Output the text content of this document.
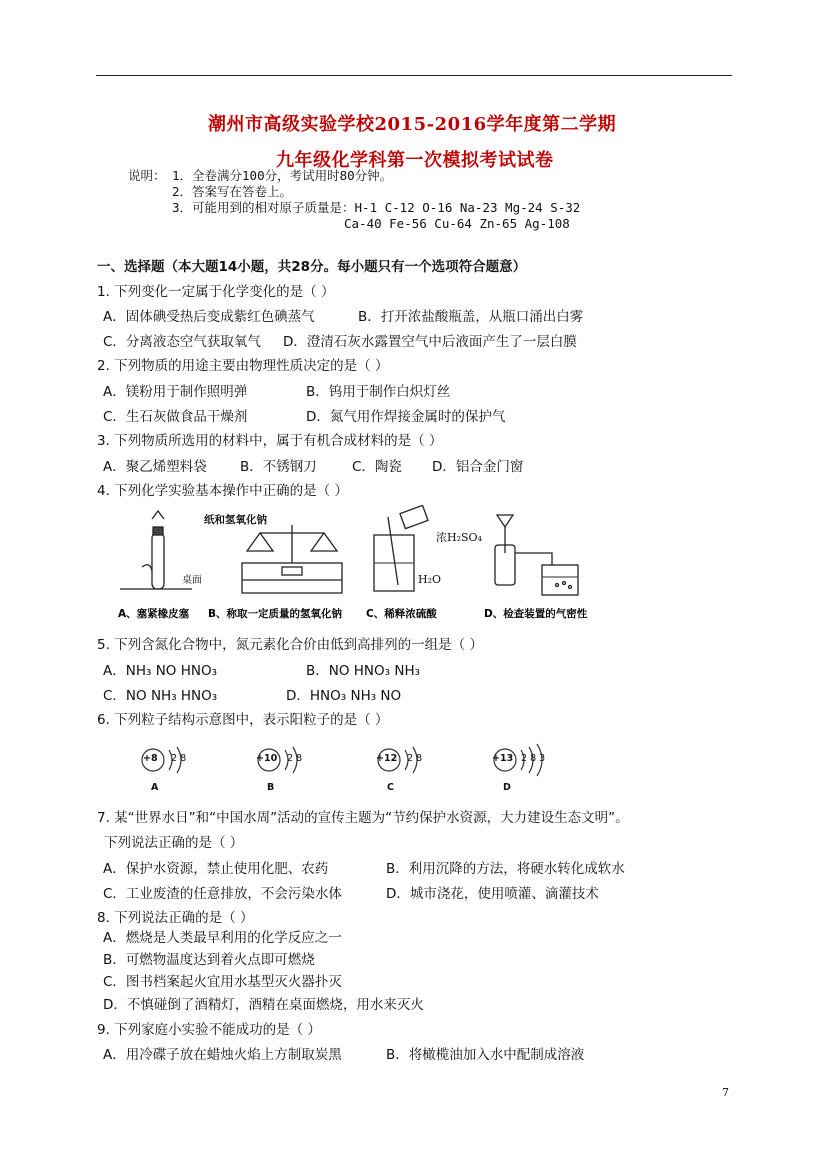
潮州市高级实验学校2015-2016学年度第二学期
九年级化学科第一次模拟考试试卷
说明： 1．全卷满分100分，考试用时80分钟。
2．答案写在答卷上。
3．可能用到的相对原子质量是：H-1 C-12 O-16 Na-23 Mg-24 S-32
Ca-40 Fe-56 Cu-64 Zn-65 Ag-108
一、选择题（本大题14小题，共28分。每小题只有一个选项符合题意）
1. 下列变化一定属于化学变化的是（ ）
A．固体碘受热后变成紫红色碘蒸气	B．打开浓盐酸瓶盖，从瓶口涌出白雾
C．分离液态空气获取氧气 D．澄清石灰水露置空气中后液面产生了一层白膜
2. 下列物质的用途主要由物理性质决定的是（ ）
A．镁粉用于制作照明弹	B．钨用于制作白炽灯丝
C．生石灰做食品干燥剂	D．氮气用作焊接金属时的保护气
3. 下列物质所选用的材料中，属于有机合成材料的是（ ）
A．聚乙烯塑料袋 B．不锈钢刀	C．陶瓷 D．铝合金门窗
4. 下列化学实验基本操作中正确的是（ ）
纸和氢氧化钠
桌面
浓H₂SO₄
H₂O
A、塞紧橡皮塞 B、称取一定质量的氢氧化钠 C、稀释浓硫酸	D、检查装置的气密性
5. 下列含氮化合物中，氮元素化合价由低到高排列的一组是（ ）
A．NH₃ NO HNO₃	B．NO HNO₃ NH₃
C．NO NH₃ HNO₃	D．HNO₃ NH₃ NO
6. 下列粒子结构示意图中，表示阳粒子的是（ ）
+8 2 8
A
+10 2 8
B
+12 2 8
C
+13 2 8 3
D
7. 某“世界水日”和“中国水周”活动的宣传主题为“节约保护水资源，大力建设生态文明”。
下列说法正确的是（ ）
A．保护水资源，禁止使用化肥、农药	B．利用沉降的方法，将硬水转化成软水
C．工业废渣的任意排放，不会污染水体	D．城市浇花，使用喷灌、滴灌技术
8. 下列说法正确的是（ ）
A．燃烧是人类最早利用的化学反应之一
B．可燃物温度达到着火点即可燃烧
C．图书档案起火宜用水基型灭火器扑灭
D．不慎碰倒了酒精灯，酒精在桌面燃烧，用水来灭火
9. 下列家庭小实验不能成功的是（ ）
A．用冷碟子放在蜡烛火焰上方制取炭黑	B．将橄榄油加入水中配制成溶液
7
